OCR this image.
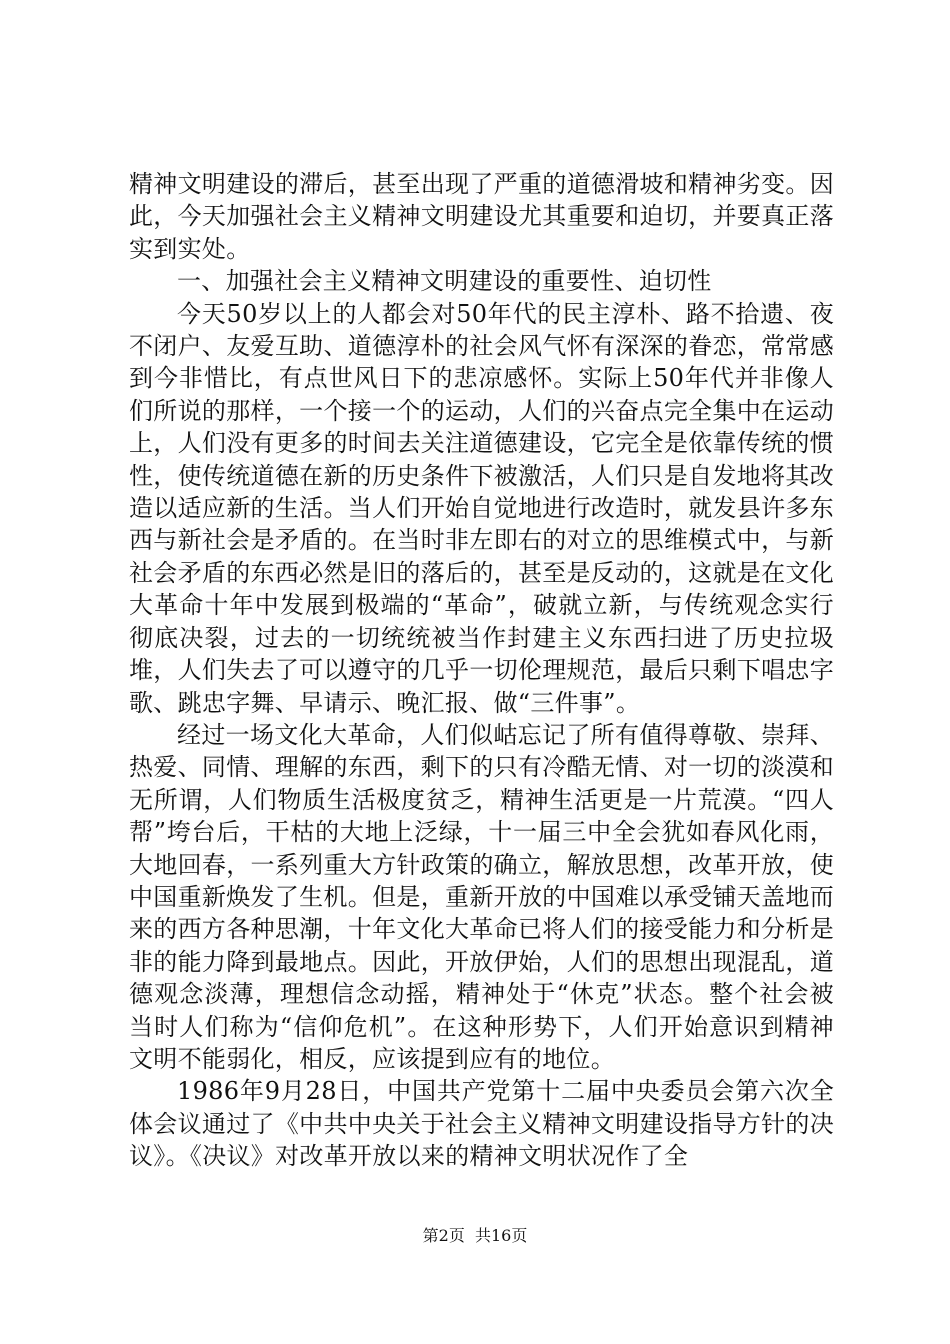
精神文明建设的滞后，甚至出现了严重的道德滑坡和精神劣变。因此，今天加强社会主义精神文明建设尤其重要和迫切，并要真正落实到实处。

一、加强社会主义精神文明建设的重要性、迫切性

今天50岁以上的人都会对50年代的民主淳朴、路不拾遗、夜不闭户、友爱互助、道德淳朴的社会风气怀有深深的眷恋，常常感到今非惜比，有点世风日下的悲凉感怀。实际上50年代并非像人们所说的那样，一个接一个的运动，人们的兴奋点完全集中在运动上，人们没有更多的时间去关注道德建设，它完全是依靠传统的惯性，使传统道德在新的历史条件下被激活，人们只是自发地将其改造以适应新的生活。当人们开始自觉地进行改造时，就发县许多东西与新社会是矛盾的。在当时非左即右的对立的思维模式中，与新社会矛盾的东西必然是旧的落后的，甚至是反动的，这就是在文化大革命十年中发展到极端的“革命”，破就立新，与传统观念实行彻底决裂，过去的一切统统被当作封建主义东西扫进了历史拉圾堆，人们失去了可以遵守的几乎一切伦理规范，最后只剩下唱忠字歌、跳忠字舞、早请示、晚汇报、做“三件事”。

经过一场文化大革命，人们似岵忘记了所有值得尊敬、崇拜、热爱、同情、理解的东西，剩下的只有冷酷无情、对一切的淡漠和无所谓，人们物质生活极度贫乏，精神生活更是一片荒漠。“四人帮”垮台后，干枯的大地上泛绿，十一届三中全会犹如春风化雨，大地回春，一系列重大方针政策的确立，解放思想，改革开放，使中国重新焕发了生机。但是，重新开放的中国难以承受铺天盖地而来的西方各种思潮，十年文化大革命已将人们的接受能力和分析是非的能力降到最地点。因此，开放伊始，人们的思想出现混乱，道德观念淡薄，理想信念动摇，精神处于“休克”状态。整个社会被当时人们称为“信仰危机”。在这种形势下，人们开始意识到精神文明不能弱化，相反，应该提到应有的地位。

1986年9月28日，中国共产党第十二届中央委员会第六次全体会议通过了《中共中央关于社会主义精神文明建设指导方针的决议》。《决议》对改革开放以来的精神文明状况作了全

第2页  共16页
